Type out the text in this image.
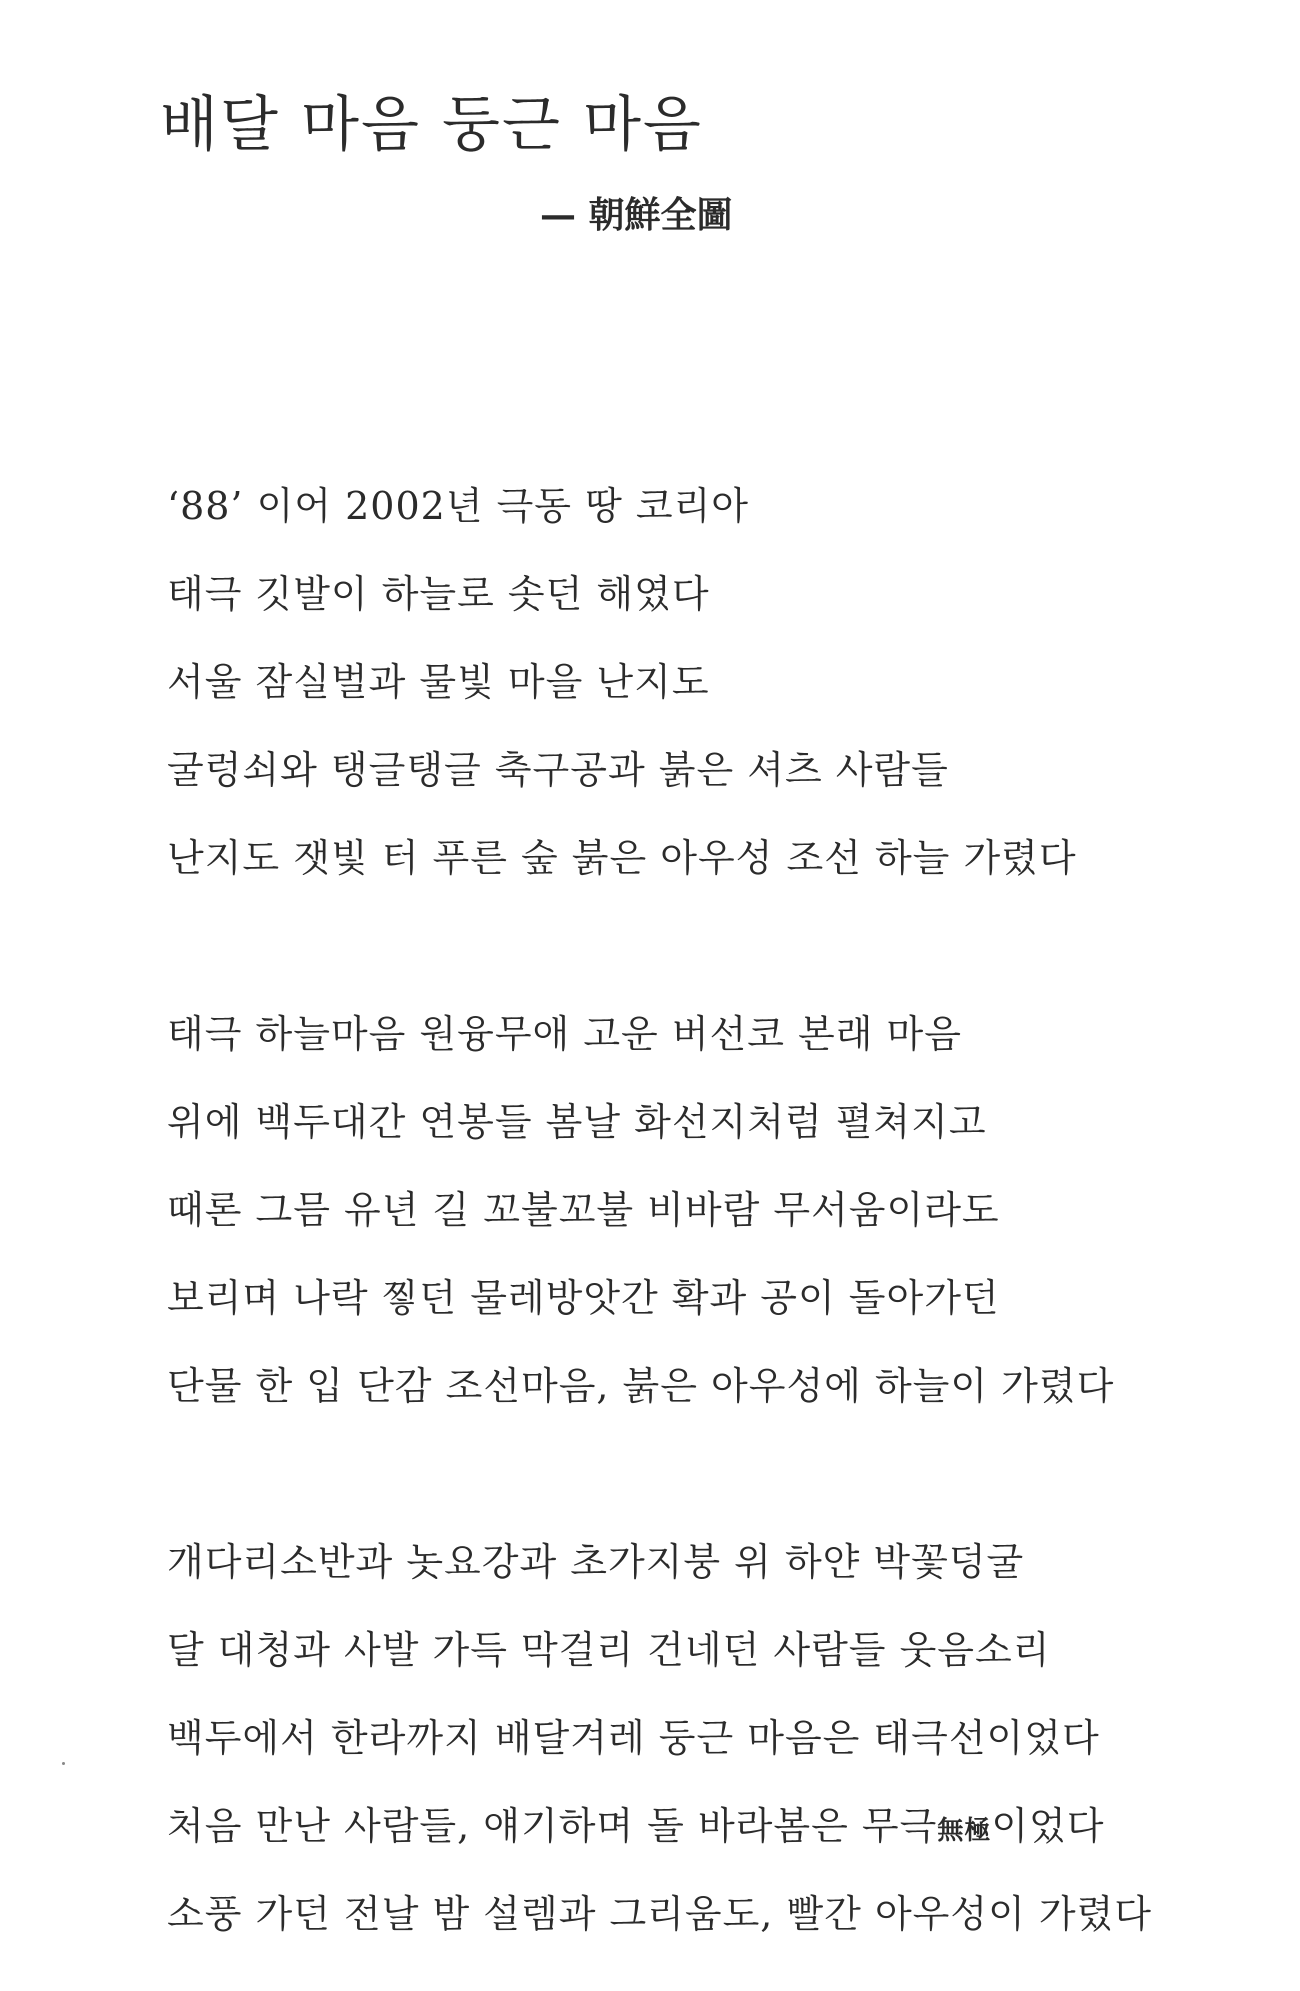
배달 마음 둥근 마음

— 朝鮮全圖

‘88’ 이어 2002년 극동 땅 코리아
태극 깃발이 하늘로 솟던 해였다
서울 잠실벌과 물빛 마을 난지도
굴렁쇠와 탱글탱글 축구공과 붉은 셔츠 사람들
난지도 잿빛 터 푸른 숲 붉은 아우성 조선 하늘 가렸다
태극 하늘마음 원융무애 고운 버선코 본래 마음
위에 백두대간 연봉들 봄날 화선지처럼 펼쳐지고
때론 그믐 유년 길 꼬불꼬불 비바람 무서움이라도
보리며 나락 찧던 물레방앗간 확과 공이 돌아가던
단물 한 입 단감 조선마음, 붉은 아우성에 하늘이 가렸다
개다리소반과 놋요강과 초가지붕 위 하얀 박꽃덩굴
달 대청과 사발 가득 막걸리 건네던 사람들 웃음소리
백두에서 한라까지 배달겨레 둥근 마음은 태극선이었다
처음 만난 사람들, 얘기하며 돌 바라봄은 무극無極이었다
소풍 가던 전날 밤 설렘과 그리움도, 빨간 아우성이 가렸다
